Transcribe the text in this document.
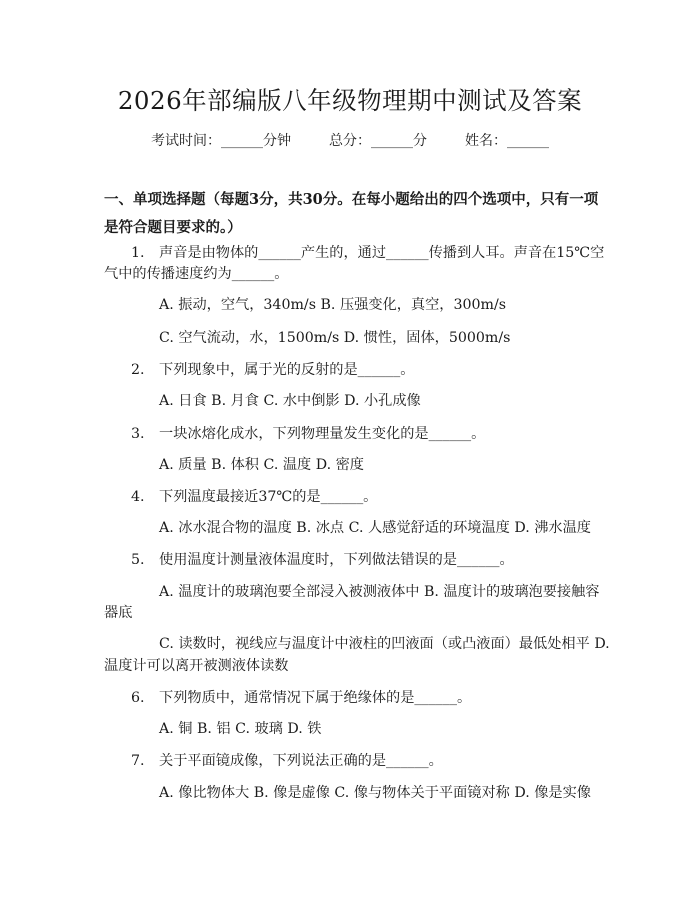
2026年部编版八年级物理期中测试及答案
考试时间：______分钟	总分：______分	姓名：______
一、单项选择题（每题3分，共30分。在每小题给出的四个选项中，只有一项是符合题目要求的。）
1. 声音是由物体的______产生的，通过______传播到人耳。声音在15℃空
气中的传播速度约为______。
A. 振动，空气，340m/s B. 压强变化，真空，300m/s
C. 空气流动，水，1500m/s D. 惯性，固体，5000m/s
2. 下列现象中，属于光的反射的是______。
A. 日食 B. 月食 C. 水中倒影 D. 小孔成像
3. 一块冰熔化成水，下列物理量发生变化的是______。
A. 质量 B. 体积 C. 温度 D. 密度
4. 下列温度最接近37℃的是______。
A. 冰水混合物的温度 B. 冰点 C. 人感觉舒适的环境温度 D. 沸水温度
5. 使用温度计测量液体温度时，下列做法错误的是______。
A. 温度计的玻璃泡要全部浸入被测液体中 B. 温度计的玻璃泡要接触容
器底
C. 读数时，视线应与温度计中液柱的凹液面（或凸液面）最低处相平 D.
温度计可以离开被测液体读数
6. 下列物质中，通常情况下属于绝缘体的是______。
A. 铜 B. 铝 C. 玻璃 D. 铁
7. 关于平面镜成像，下列说法正确的是______。
A. 像比物体大 B. 像是虚像 C. 像与物体关于平面镜对称 D. 像是实像
